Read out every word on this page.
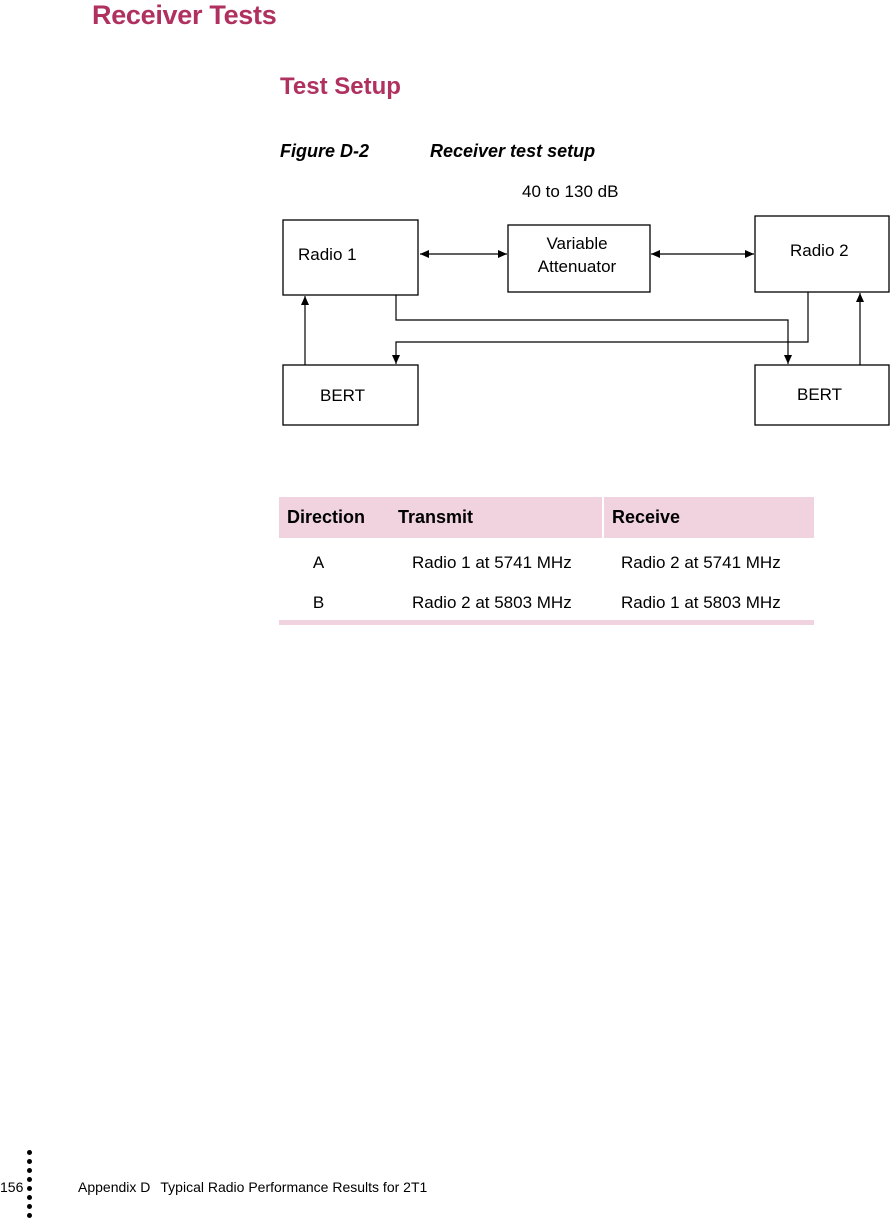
Receiver Tests
Test Setup
Figure D-2	Receiver test setup
40 to 130 dB
Radio 1
Variable
Attenuator
Radio 2
BERT	BERT
Direction	Transmit	Receive
A	Radio 1 at 5741 MHz	Radio 2 at 5741 MHz
B	Radio 2 at 5803 MHz	Radio 1 at 5803 MHz
156	Appendix D Typical Radio Performance Results for 2T1
